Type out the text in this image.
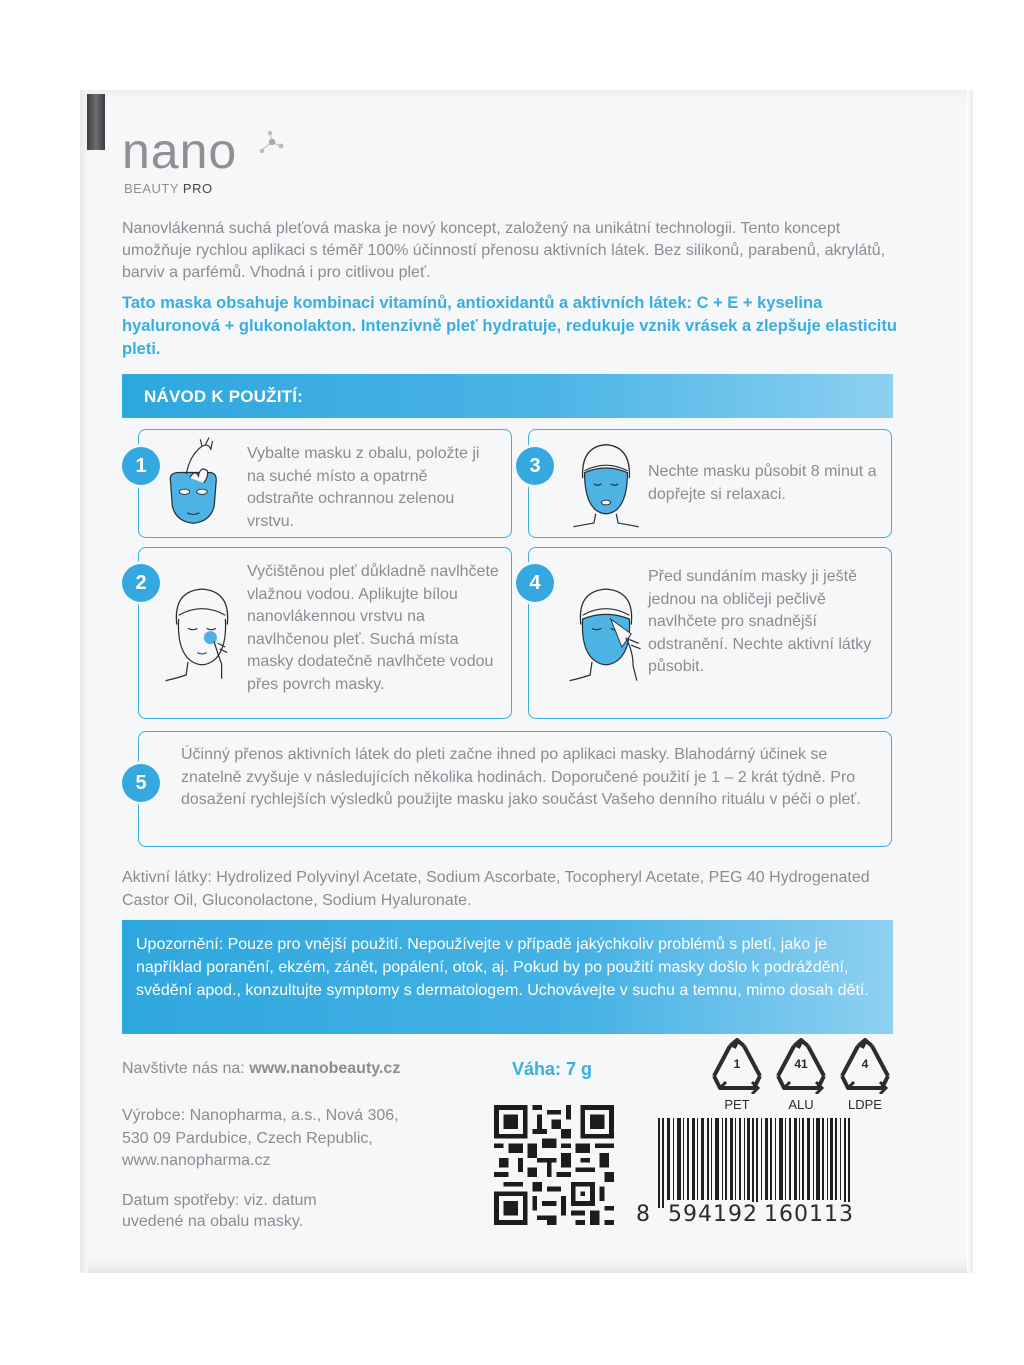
nano
BEAUTY PRO

Nanovlákenná suchá pleťová maska je nový koncept, založený na unikátní technologii. Tento koncept umožňuje rychlou aplikaci s téměř 100% účinností přenosu aktivních látek. Bez silikonů, parabenů, akrylátů, barviv a parfémů. Vhodná i pro citlivou pleť.

Tato maska obsahuje kombinaci vitamínů, antioxidantů a aktivních látek: C + E + kyselina hyaluronová + glukonolakton. Intenzivně pleť hydratuje, redukuje vznik vrásek a zlepšuje elasticitu pleti.

NÁVOD K POUŽITÍ:
1

Vybalte masku z obalu, položte ji na suché místo a opatrně odstraňte ochrannou zelenou vrstvu.

3	Nechte masku působit 8 minut a dopřejte si relaxaci.

2	Vyčištěnou pleť důkladně navlhčete vlažnou vodou. Aplikujte bílou nanovlákennou vrstvu na navlhčenou pleť. Suchá místa masky dodatečně navlhčete vodou přes povrch masky.

4	Před sundáním masky ji ještě jednou na obličeji pečlivě navlhčete pro snadnější odstranění. Nechte aktivní látky působit.

5

Účinný přenos aktivních látek do pleti začne ihned po aplikaci masky. Blahodárný účinek se znatelně zvyšuje v následujících několika hodinách. Doporučené použití je 1 – 2 krát týdně. Pro dosažení rychlejších výsledků použijte masku jako součást Vašeho denního rituálu v péči o pleť.

Aktivní látky: Hydrolized Polyvinyl Acetate, Sodium Ascorbate, Tocopheryl Acetate, PEG 40 Hydrogenated Castor Oil, Gluconolactone, Sodium Hyaluronate.

Upozornění: Pouze pro vnější použití. Nepoužívejte v případě jakýchkoliv problémů s pletí, jako je například poranění, ekzém, zánět, popálení, otok, aj. Pokud by po použití masky došlo k podráždění, svědění apod., konzultujte symptomy s dermatologem. Uchovávejte v suchu a temnu, mimo dosah dětí.
Navštivte nás na: www.nanobeauty.cz	Váha: 7 g
Výrobce: Nanopharma, a.s., Nová 306,
530 09 Pardubice, Czech Republic,
www.nanopharma.cz
Datum spotřeby: viz. datum
uvedené na obalu masky.
1
PET
41
ALU
4
LDPE
8 594192 160113
